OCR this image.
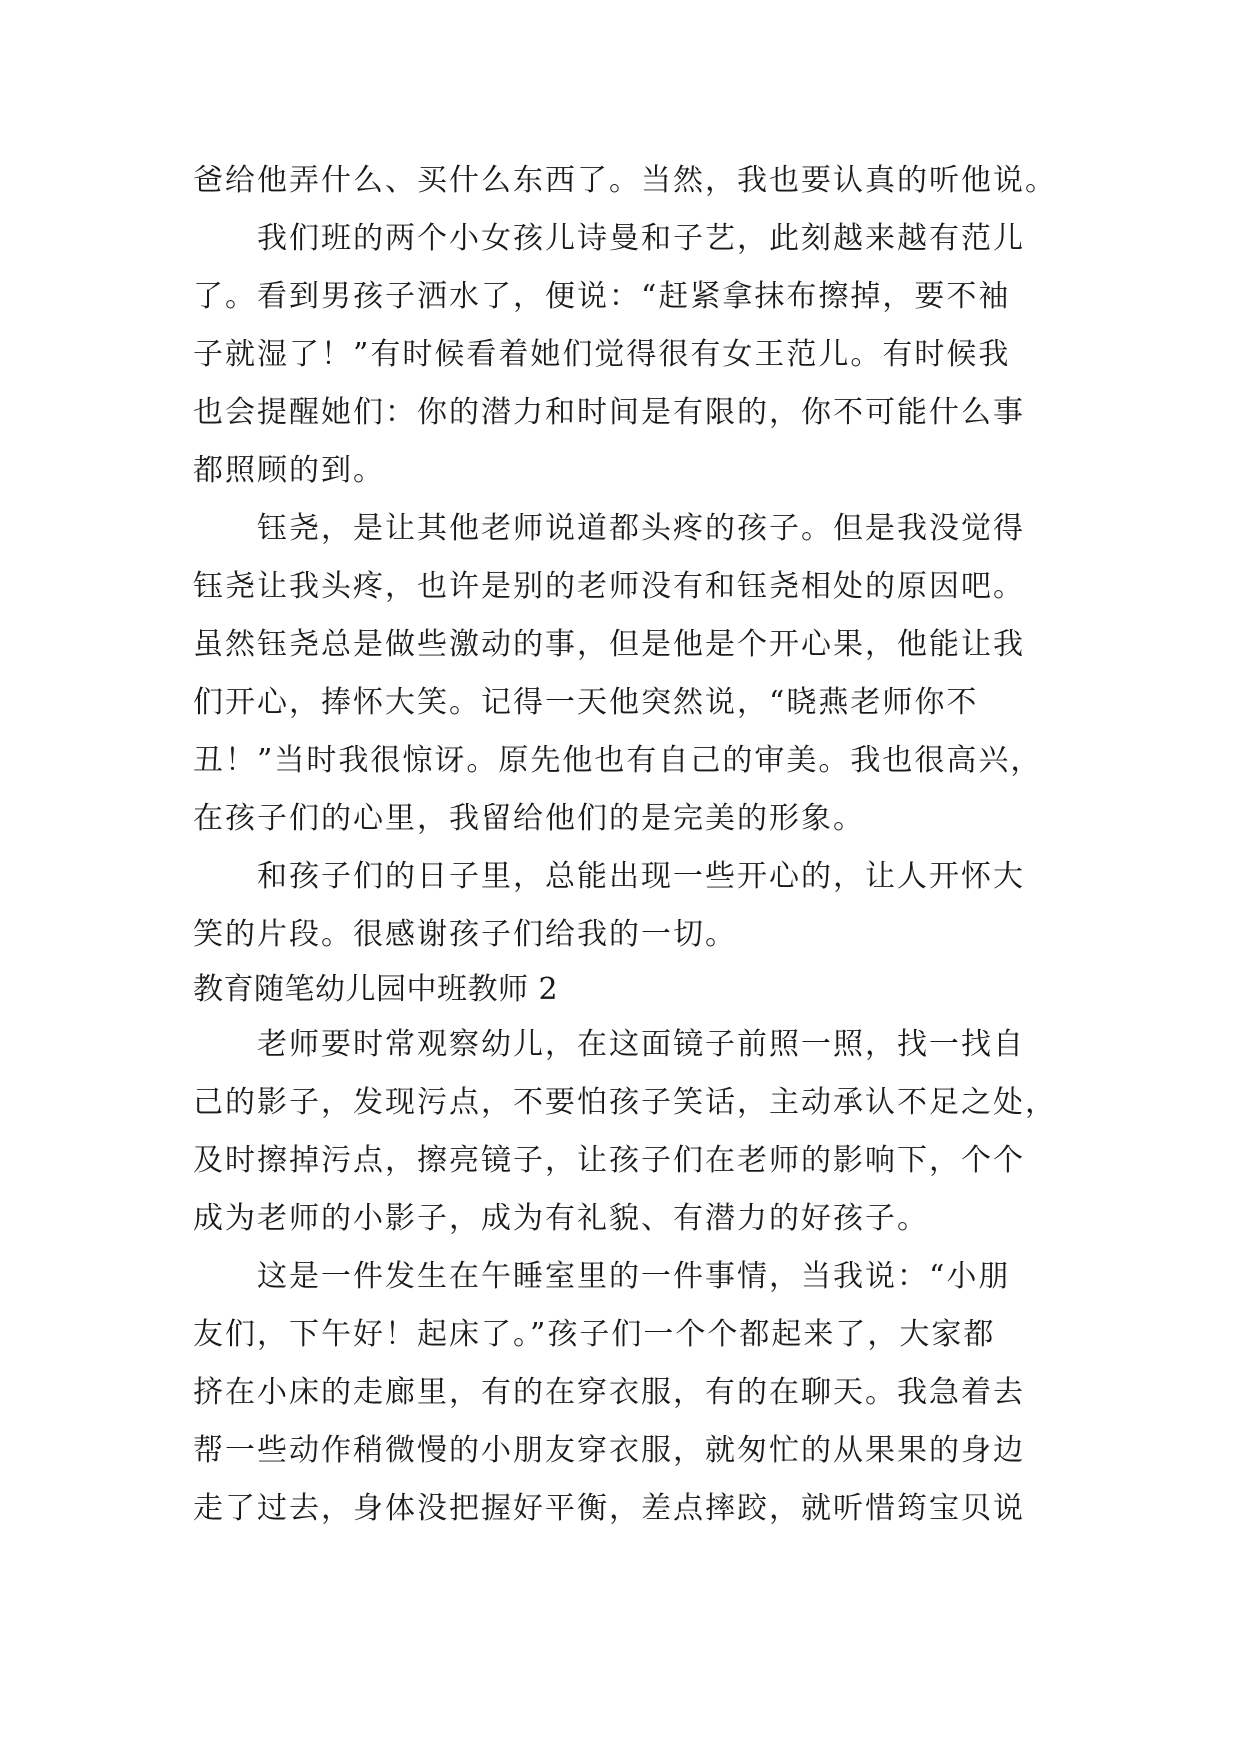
爸给他弄什么、买什么东西了。当然，我也要认真的听他说。
我们班的两个小女孩儿诗曼和子艺，此刻越来越有范儿
了。看到男孩子洒水了，便说：“赶紧拿抹布擦掉，要不袖
子就湿了！”有时候看着她们觉得很有女王范儿。有时候我
也会提醒她们：你的潜力和时间是有限的，你不可能什么事
都照顾的到。
钰尧，是让其他老师说道都头疼的孩子。但是我没觉得
钰尧让我头疼，也许是别的老师没有和钰尧相处的原因吧。
虽然钰尧总是做些激动的事，但是他是个开心果，他能让我
们开心，捧怀大笑。记得一天他突然说，“晓燕老师你不
丑！”当时我很惊讶。原先他也有自己的审美。我也很高兴，
在孩子们的心里，我留给他们的是完美的形象。
和孩子们的日子里，总能出现一些开心的，让人开怀大
笑的片段。很感谢孩子们给我的一切。
教育随笔幼儿园中班教师 2
老师要时常观察幼儿，在这面镜子前照一照，找一找自
己的影子，发现污点，不要怕孩子笑话，主动承认不足之处，
及时擦掉污点，擦亮镜子，让孩子们在老师的影响下，个个
成为老师的小影子，成为有礼貌、有潜力的好孩子。
这是一件发生在午睡室里的一件事情，当我说：“小朋
友们，下午好！起床了。”孩子们一个个都起来了，大家都
挤在小床的走廊里，有的在穿衣服，有的在聊天。我急着去
帮一些动作稍微慢的小朋友穿衣服，就匆忙的从果果的身边
走了过去，身体没把握好平衡，差点摔跤，就听惜筠宝贝说
